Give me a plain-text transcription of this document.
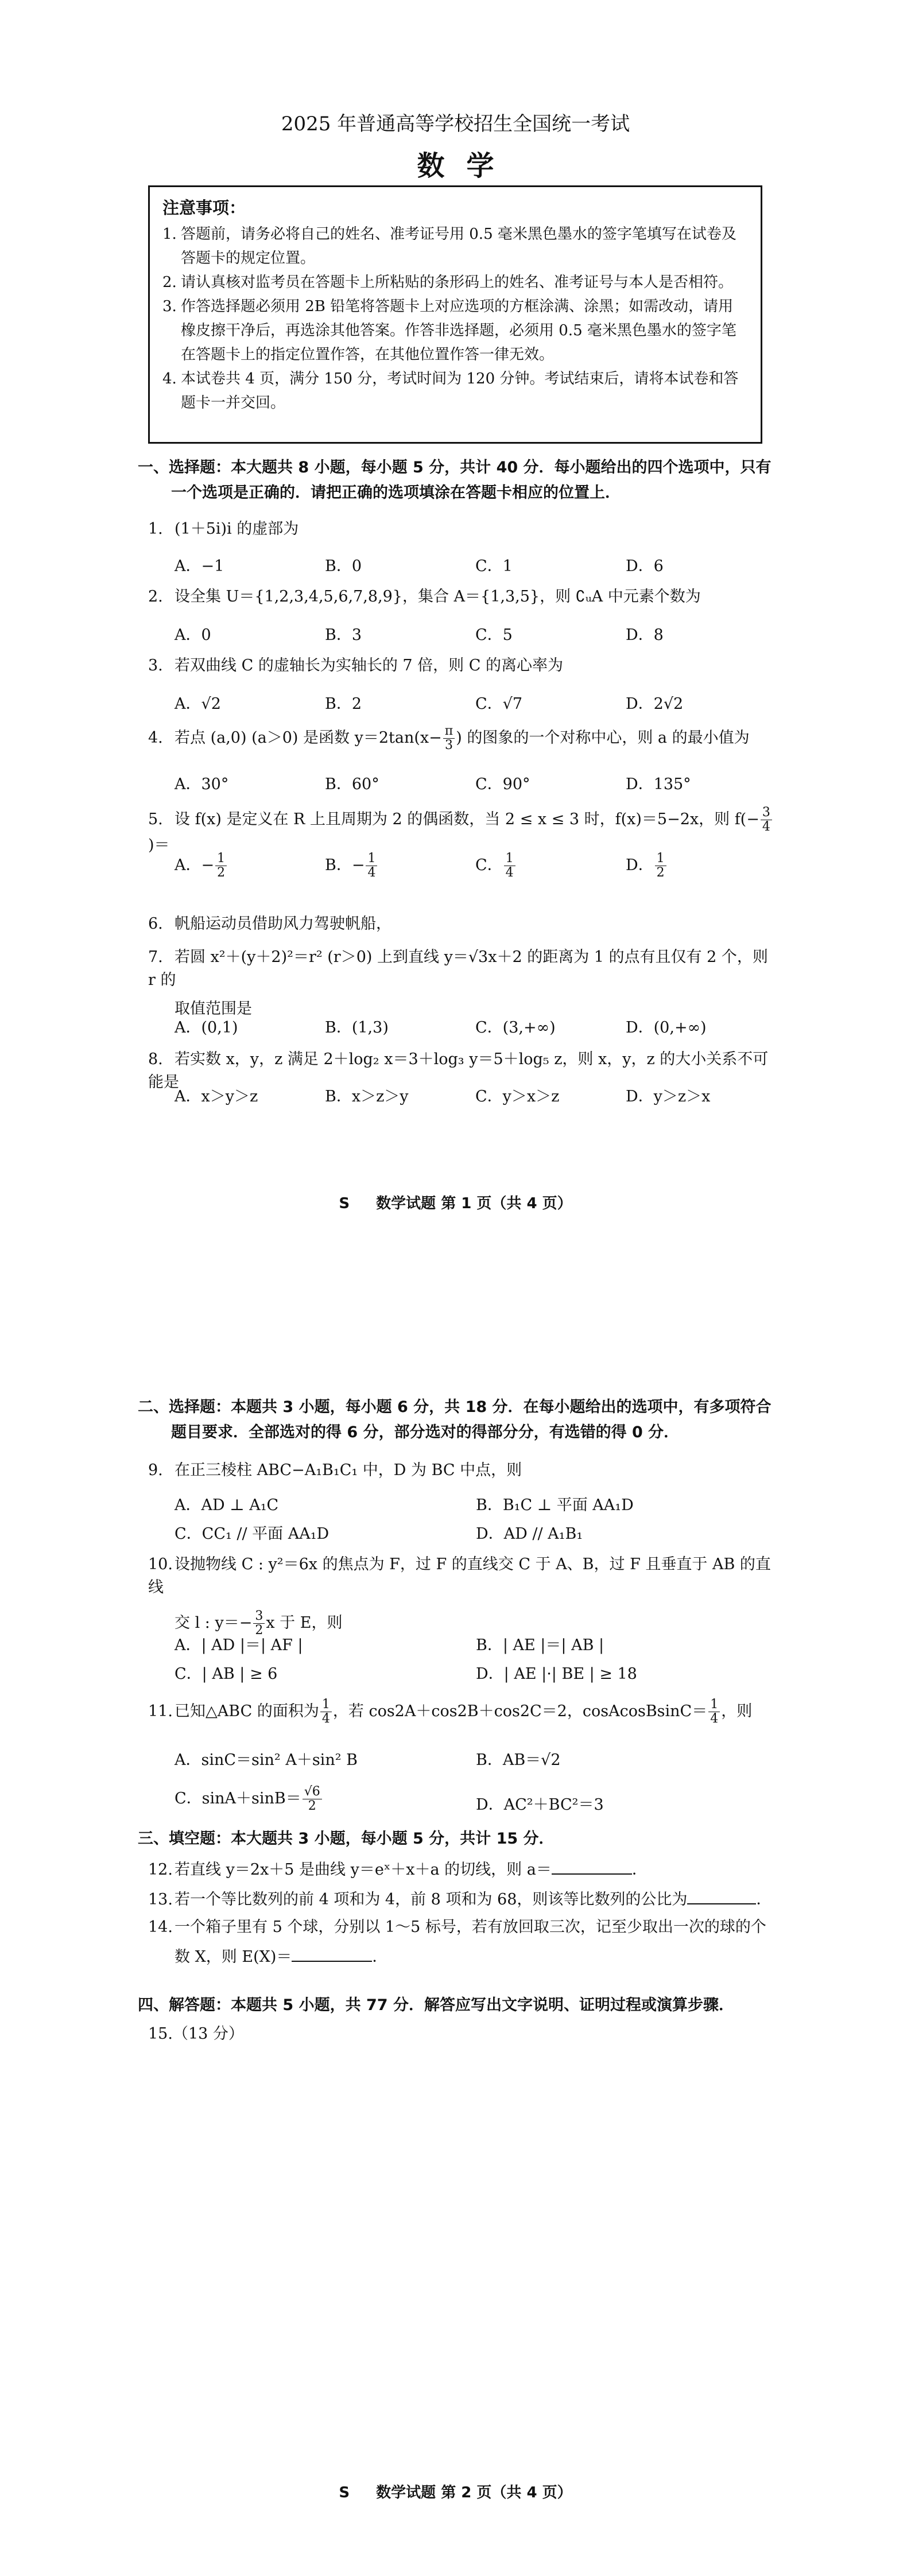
2025 年普通高等学校招生全国统一考试
数学
注意事项：
1. 答题前，请务必将自己的姓名、准考证号用 0.5 毫米黑色墨水的签字笔填写在试卷及答题卡的规定位置。
2. 请认真核对监考员在答题卡上所粘贴的条形码上的姓名、准考证号与本人是否相符。
3. 作答选择题必须用 2B 铅笔将答题卡上对应选项的方框涂满、涂黑；如需改动，请用橡皮擦干净后，再选涂其他答案。作答非选择题，必须用 0.5 毫米黑色墨水的签字笔在答题卡上的指定位置作答，在其他位置作答一律无效。
4. 本试卷共 4 页，满分 150 分，考试时间为 120 分钟。考试结束后，请将本试卷和答题卡一并交回。
一、选择题：本大题共 8 小题，每小题 5 分，共计 40 分．每小题给出的四个选项中，只有
一个选项是正确的．请把正确的选项填涂在答题卡相应的位置上．
1. (1＋5i)i 的虚部为
A．−1	B．0	C．1	D．6
2. 设全集 U＝{1,2,3,4,5,6,7,8,9}，集合 A＝{1,3,5}，则 ∁ᵤA 中元素个数为
A．0	B．3	C．5	D．8
3. 若双曲线 C 的虚轴长为实轴长的 7 倍，则 C 的离心率为
A．√2	B．2	C．√7	D．2√2
4. 若点 (a,0) (a＞0) 是函数 $y=2\tan(x- \frac{\pi}{3}$ ) 的图象的一个对称中心，则 a 的最小值为
A．30°	B．60°	C．90°	D．135°
5. 设 f(x) 是定义在 R 上且周期为 2 的偶函数，当 2 ≤ x ≤ 3 时，f(x)＝5−2x，则 $f(- \frac{3}{4}$
)＝
A．− $\frac{1}{2}$	B．− $\frac{1}{4}$	C． $\frac{1}{4}$	D． $\frac{1}{2}$
6. 帆船运动员借助风力驾驶帆船，
7. 若圆 x²＋(y＋2)²＝r² (r＞0) 上到直线 y＝√3x＋2 的距离为 1 的点有且仅有 2 个，则 r 的
取值范围是
A．(0,1)	B．(1,3)	C．(3,+∞)	D．(0,+∞)
8. 若实数 x，y，z 满足 2＋log₂ x＝3＋log₃ y＝5＋log₅ z，则 x，y，z 的大小关系不可能是
A．x＞y＞z	B．x＞z＞y	C．y＞x＞z	D．y＞z＞x
S 数学试题 第 1 页（共 4 页）
二、选择题：本题共 3 小题，每小题 6 分，共 18 分．在每小题给出的选项中，有多项符合
题目要求．全部选对的得 6 分，部分选对的得部分分，有选错的得 0 分．
9. 在正三棱柱 ABC−A₁B₁C₁ 中，D 为 BC 中点，则
A．AD ⊥ A₁C	B．B₁C ⊥ 平面 AA₁D
C．CC₁ // 平面 AA₁D	D．AD // A₁B₁
10. 设抛物线 C : y²＝6x 的焦点为 F，过 F 的直线交 C 于 A、B，过 F 且垂直于 AB 的直线
交 l : $y=- \frac{3}{2}$ x 于 E，则
A．| AD |＝| AF |	B．| AE |＝| AB |
C．| AB | ≥ 6	D．| AE |·| BE | ≥ 18
11. 已知△ABC 的面积为 $\frac{1}{4}$ ，若 cos2A＋cos2B＋cos2C＝2，cosAcosBsinC＝ $\frac{1}{4}$ ，则
A．sinC＝sin² A＋sin² B	B．AB＝√2
C．$\sin A+\sin B= \frac{√6}{2}$	D．AC²＋BC²＝3
三、填空题：本大题共 3 小题，每小题 5 分，共计 15 分．
12. 若直线 y＝2x＋5 是曲线 y＝eˣ＋x＋a 的切线，则 a＝	．
13. 若一个等比数列的前 4 项和为 4，前 8 项和为 68，则该等比数列的公比为	．
14. 一个箱子里有 5 个球，分别以 1～5 标号，若有放回取三次，记至少取出一次的球的个
数 X，则 E(X)＝	．
四、解答题：本题共 5 小题，共 77 分．解答应写出文字说明、证明过程或演算步骤．
15.（13 分）
S 数学试题 第 2 页（共 4 页）
